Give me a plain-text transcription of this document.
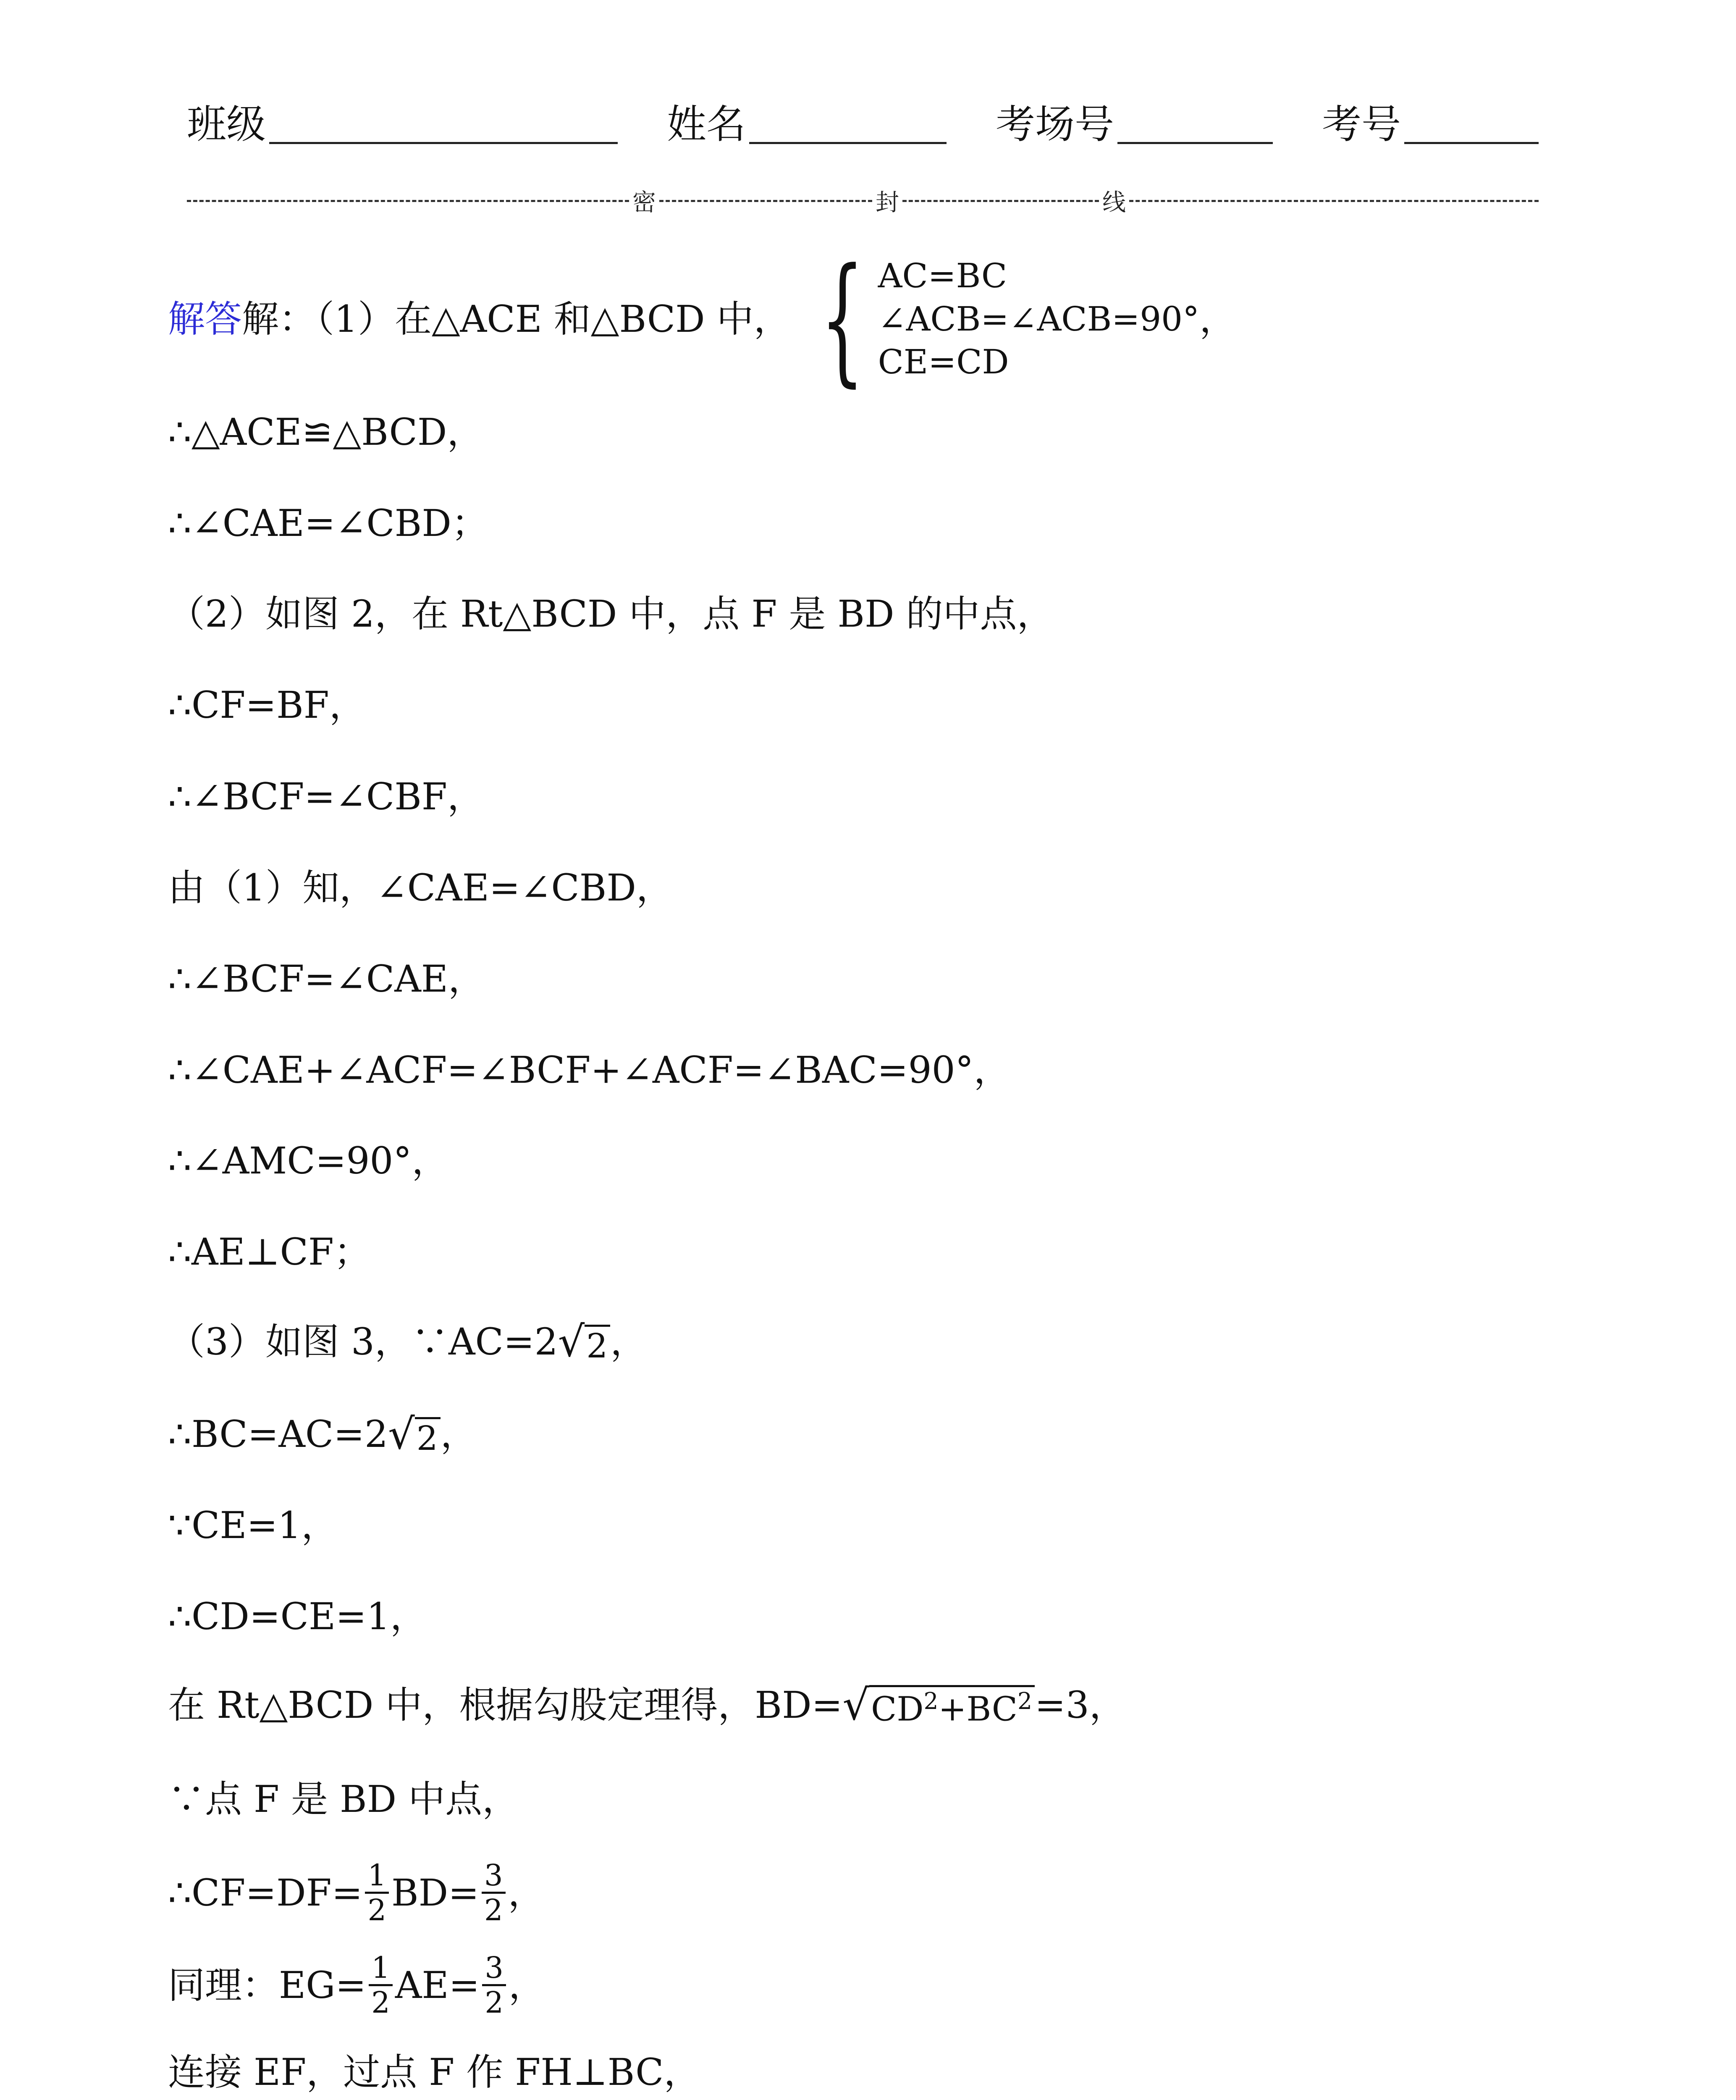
班级	姓名	考场号	考号
密	封	线
解答 解：（1）在△ACE 和△BCD 中， { AC=BC
∠ACB=∠ACB=90°
CE=CD
，
∴△ACE≌△BCD，
∴∠CAE=∠CBD；
（2）如图 2，在 Rt△BCD 中，点 F 是 BD 的中点，
∴CF=BF，
∴∠BCF=∠CBF，
由（1）知，∠CAE=∠CBD，
∴∠BCF=∠CAE，
∴∠CAE+∠ACF=∠BCF+∠ACF=∠BAC=90°，
∴∠AMC=90°，
∴AE⊥CF；
（3）如图 3，∵AC=2 √ 2 ，
∴BC=AC=2 √ 2 ，
∵CE=1，
∴CD=CE=1，
在 Rt△BCD 中，根据勾股定理得，BD= √ $CD^2+BC^2 =3$，
∵点 F 是 BD 中点，
∴CF=DF= $\frac{1}{2} BD= \frac{3}{2}$ ，
同理：$EG= \frac{1}{2} AE= \frac{3}{2}$ ，
连接 EF，过点 F 作 FH⊥BC，
